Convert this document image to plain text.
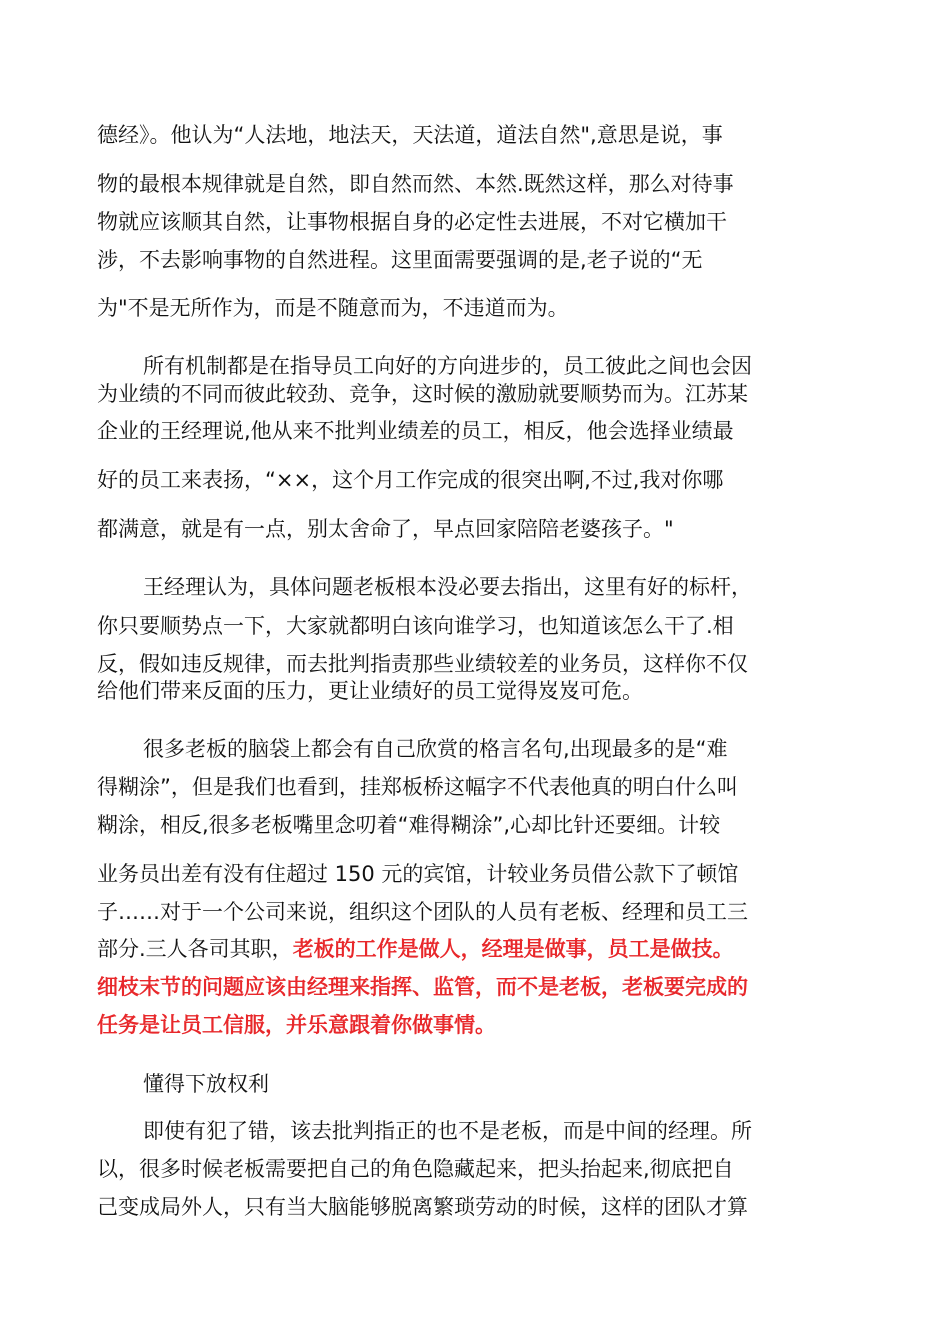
德经》。他认为“人法地，地法天，天法道，道法自然",意思是说，事
物的最根本规律就是自然，即自然而然、本然.既然这样，那么对待事
物就应该顺其自然，让事物根据自身的必定性去进展，不对它横加干
涉，不去影响事物的自然进程。这里面需要强调的是,老子说的“无
为"不是无所作为，而是不随意而为，不违道而为。
所有机制都是在指导员工向好的方向进步的，员工彼此之间也会因
为业绩的不同而彼此较劲、竞争，这时候的激励就要顺势而为。江苏某
企业的王经理说,他从来不批判业绩差的员工，相反，他会选择业绩最
好的员工来表扬，“××，这个月工作完成的很突出啊,不过,我对你哪
都满意，就是有一点，别太舍命了，早点回家陪陪老婆孩子。"
王经理认为，具体问题老板根本没必要去指出，这里有好的标杆，
你只要顺势点一下，大家就都明白该向谁学习，也知道该怎么干了.相
反，假如违反规律，而去批判指责那些业绩较差的业务员，这样你不仅
给他们带来反面的压力，更让业绩好的员工觉得岌岌可危。
很多老板的脑袋上都会有自己欣赏的格言名句,出现最多的是“难
得糊涂”，但是我们也看到，挂郑板桥这幅字不代表他真的明白什么叫
糊涂，相反,很多老板嘴里念叨着“难得糊涂”,心却比针还要细。计较
业务员出差有没有住超过 150 元的宾馆，计较业务员借公款下了顿馆
子……对于一个公司来说，组织这个团队的人员有老板、经理和员工三
部分.三人各司其职，老板的工作是做人，经理是做事，员工是做技。
细枝末节的问题应该由经理来指挥、监管，而不是老板，老板要完成的
任务是让员工信服，并乐意跟着你做事情。
懂得下放权利
即使有犯了错，该去批判指正的也不是老板，而是中间的经理。所
以，很多时候老板需要把自己的角色隐藏起来，把头抬起来,彻底把自
己变成局外人，只有当大脑能够脱离繁琐劳动的时候，这样的团队才算
